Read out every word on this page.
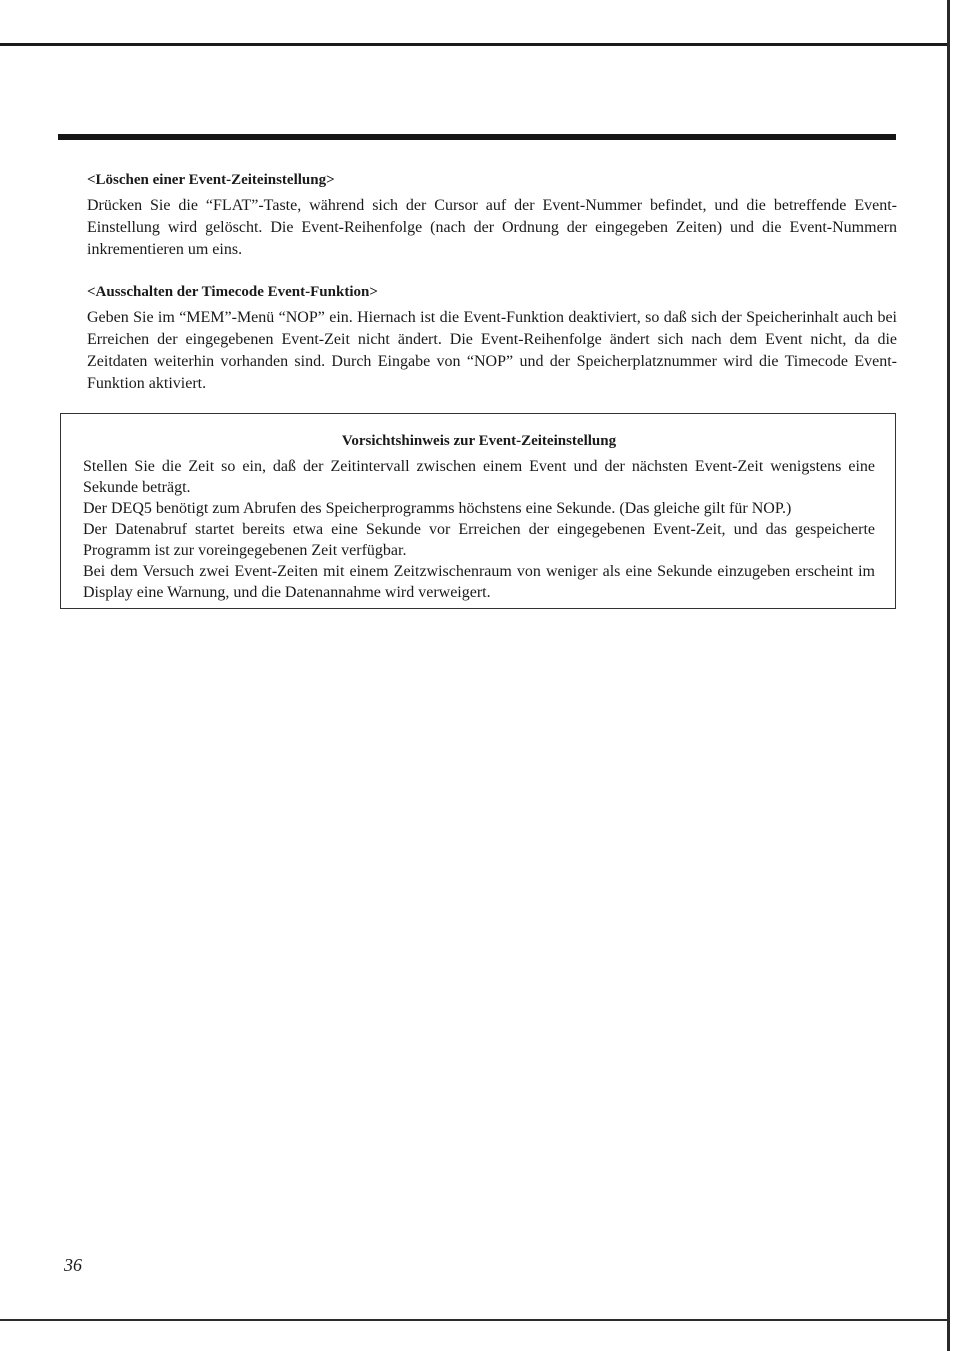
<Löschen einer Event-Zeiteinstellung>

Drücken Sie die “FLAT”-Taste, während sich der Cursor auf der Event-Nummer befindet, und die betreffende Event-Einstellung wird gelöscht. Die Event-Reihenfolge (nach der Ordnung der eingegeben Zeiten) und die Event-Nummern inkrementieren um eins.

<Ausschalten der Timecode Event-Funktion>

Geben Sie im “MEM”-Menü “NOP” ein. Hiernach ist die Event-Funktion deaktiviert, so daß sich der Speicherinhalt auch bei Erreichen der eingegebenen Event-Zeit nicht ändert. Die Event-Reihenfolge ändert sich nach dem Event nicht, da die Zeitdaten weiterhin vorhanden sind. Durch Eingabe von “NOP” und der Speicherplatznummer wird die Timecode Event-Funktion aktiviert.

Vorsichtshinweis zur Event-Zeiteinstellung

Stellen Sie die Zeit so ein, daß der Zeitintervall zwischen einem Event und der nächsten Event-Zeit wenigstens eine Sekunde beträgt.

Der DEQ5 benötigt zum Abrufen des Speicherprogramms höchstens eine Sekunde. (Das gleiche gilt für NOP.)

Der Datenabruf startet bereits etwa eine Sekunde vor Erreichen der eingegebenen Event-Zeit, und das gespeicherte Programm ist zur voreingegebenen Zeit verfügbar.

Bei dem Versuch zwei Event-Zeiten mit einem Zeitzwischenraum von weniger als eine Sekunde einzugeben erscheint im Display eine Warnung, und die Datenannahme wird verweigert.

36
